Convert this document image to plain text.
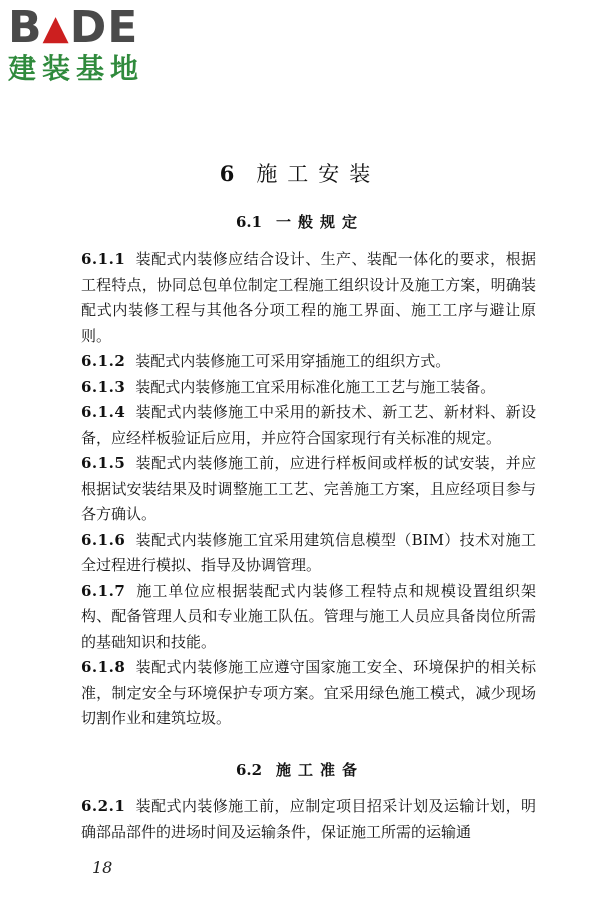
B▲DE
建装基地
6 施工安装
6.1 一般规定

6.1.1 装配式内装修应结合设计、生产、装配一体化的要求，根据工程特点，协同总包单位制定工程施工组织设计及施工方案，明确装配式内装修工程与其他各分项工程的施工界面、施工工序与避让原则。

6.1.2 装配式内装修施工可采用穿插施工的组织方式。

6.1.3 装配式内装修施工宜采用标准化施工工艺与施工装备。

6.1.4 装配式内装修施工中采用的新技术、新工艺、新材料、新设备，应经样板验证后应用，并应符合国家现行有关标准的规定。

6.1.5 装配式内装修施工前，应进行样板间或样板的试安装，并应根据试安装结果及时调整施工工艺、完善施工方案，且应经项目参与各方确认。

6.1.6 装配式内装修施工宜采用建筑信息模型（BIM）技术对施工全过程进行模拟、指导及协调管理。

6.1.7 施工单位应根据装配式内装修工程特点和规模设置组织架构、配备管理人员和专业施工队伍。管理与施工人员应具备岗位所需的基础知识和技能。

6.1.8 装配式内装修施工应遵守国家施工安全、环境保护的相关标准，制定安全与环境保护专项方案。宜采用绿色施工模式，减少现场切割作业和建筑垃圾。

6.2 施工准备

6.2.1 装配式内装修施工前，应制定项目招采计划及运输计划，明确部品部件的进场时间及运输条件，保证施工所需的运输通

18
